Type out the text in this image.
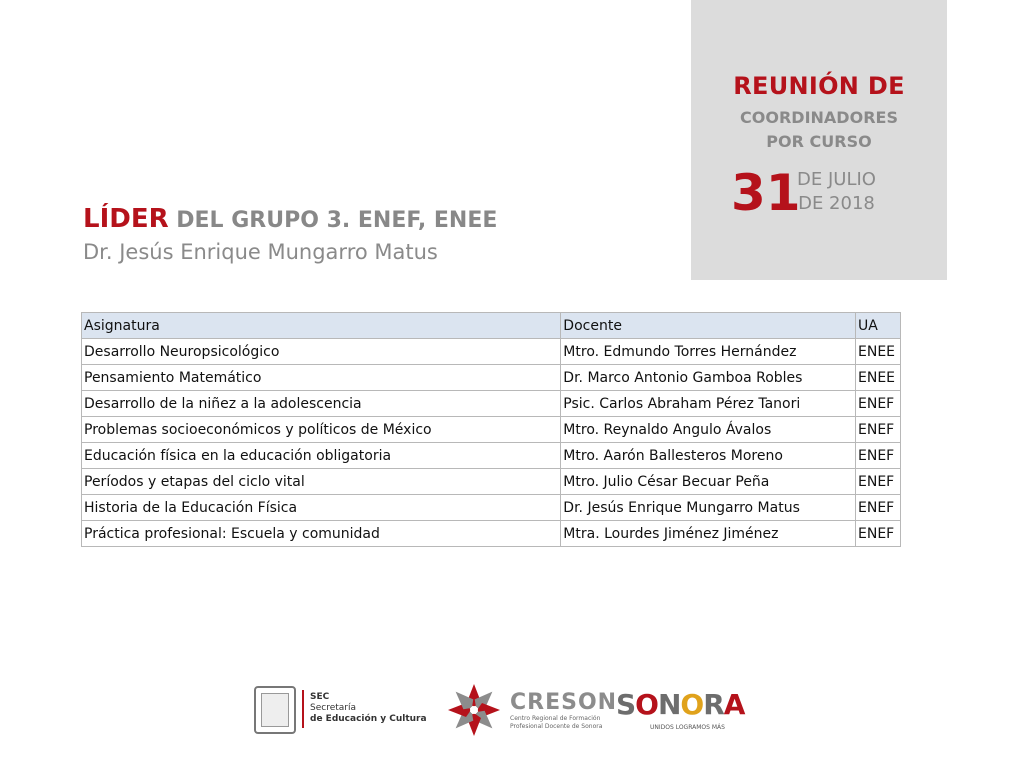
REUNIÓN DE
COORDINADORES
POR CURSO
31
DE JULIO
DE 2018
LÍDER DEL GRUPO 3. ENEF, ENEE
Dr. Jesús Enrique Mungarro Matus
Asignatura	Docente	UA
Desarrollo Neuropsicológico	Mtro. Edmundo Torres Hernández	ENEE
Pensamiento Matemático	Dr. Marco Antonio Gamboa Robles	ENEE
Desarrollo de la niñez a la adolescencia	Psic. Carlos Abraham Pérez Tanori	ENEF
Problemas socioeconómicos y políticos de México	Mtro. Reynaldo Angulo Ávalos	ENEF
Educación física en la educación obligatoria	Mtro. Aarón Ballesteros Moreno	ENEF
Períodos y etapas del ciclo vital	Mtro. Julio César Becuar Peña	ENEF
Historia de la Educación Física	Dr. Jesús Enrique Mungarro Matus	ENEF
Práctica profesional: Escuela y comunidad	Mtra. Lourdes Jiménez Jiménez	ENEF
SEC
Secretaría
de Educación y Cultura
CRESON
Centro Regional de Formación
Profesional Docente de Sonora
SONORA
UNIDOS LOGRAMOS MÁS
